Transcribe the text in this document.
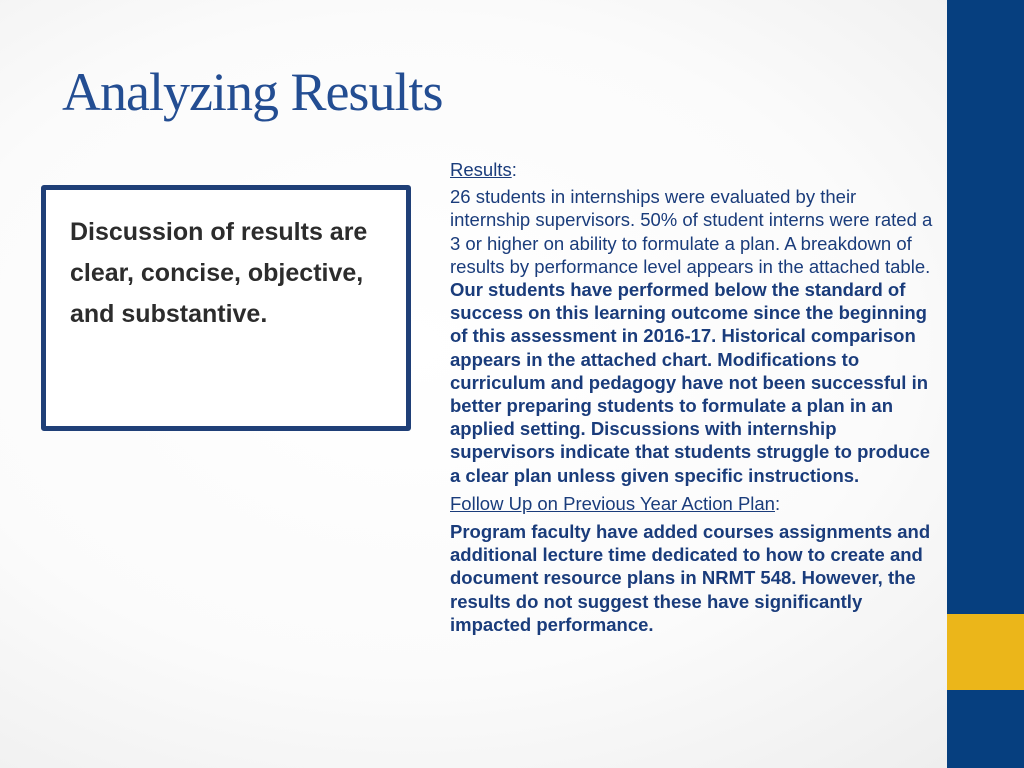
Analyzing Results

Discussion of results are clear, concise, objective, and substantive.

Results:

26 students in internships were evaluated by their internship supervisors. 50% of student interns were rated a 3 or higher on ability to formulate a plan. A breakdown of results by performance level appears in the attached table.

Our students have performed below the standard of success on this learning outcome since the beginning of this assessment in 2016-17. Historical comparison appears in the attached chart. Modifications to curriculum and pedagogy have not been successful in better preparing students to formulate a plan in an applied setting. Discussions with internship supervisors indicate that students struggle to produce a clear plan unless given specific instructions.

Follow Up on Previous Year Action Plan:

Program faculty have added courses assignments and additional lecture time dedicated to how to create and document resource plans in NRMT 548. However, the results do not suggest these have significantly impacted performance.
